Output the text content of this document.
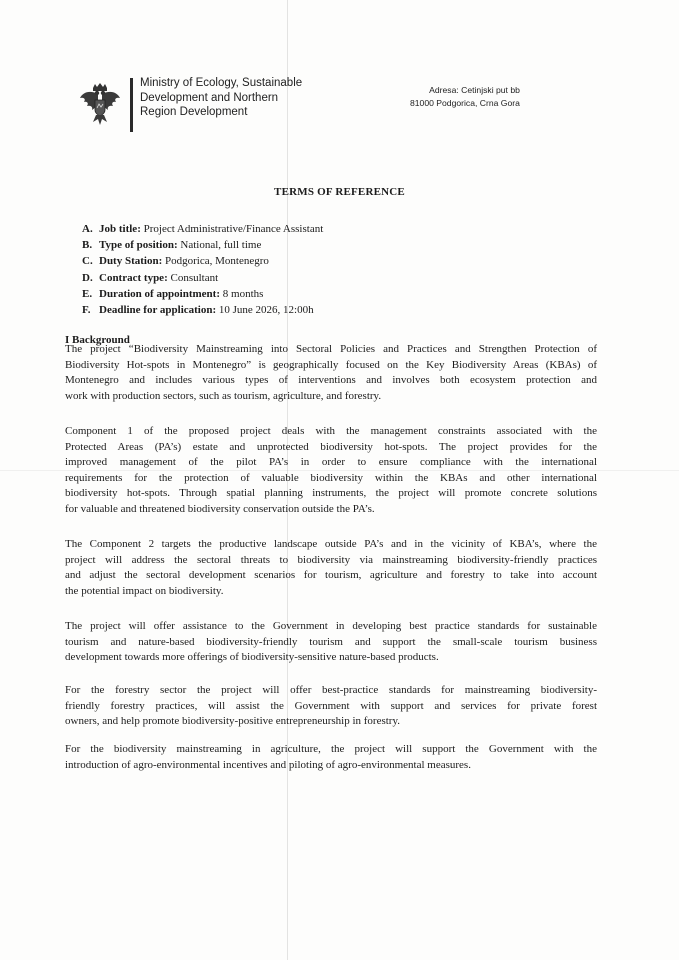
Ministry of Ecology, Sustainable
Development and Northern
Region Development
Adresa: Cetinjski put bb
81000 Podgorica, Crna Gora
TERMS OF REFERENCE
A. Job title: Project Administrative/Finance Assistant
B. Type of position: National, full time
C. Duty Station: Podgorica, Montenegro
D. Contract type: Consultant
E. Duration of appointment: 8 months
F. Deadline for application: 10 June 2026, 12:00h
I Background

The project “Biodiversity Mainstreaming into Sectoral Policies and Practices and Strengthen Protection of
Biodiversity Hot-spots in Montenegro” is geographically focused on the Key Biodiversity Areas (KBAs) of
Montenegro and includes various types of interventions and involves both ecosystem protection and
work with production sectors, such as tourism, agriculture, and forestry.

Component 1 of the proposed project deals with the management constraints associated with the
Protected Areas (PA’s) estate and unprotected biodiversity hot-spots. The project provides for the
improved management of the pilot PA’s in order to ensure compliance with the international
requirements for the protection of valuable biodiversity within the KBAs and other international
biodiversity hot-spots. Through spatial planning instruments, the project will promote concrete solutions
for valuable and threatened biodiversity conservation outside the PA’s.

The Component 2 targets the productive landscape outside PA’s and in the vicinity of KBA’s, where the
project will address the sectoral threats to biodiversity via mainstreaming biodiversity-friendly practices
and adjust the sectoral development scenarios for tourism, agriculture and forestry to take into account
the potential impact on biodiversity.

The project will offer assistance to the Government in developing best practice standards for sustainable
tourism and nature-based biodiversity-friendly tourism and support the small-scale tourism business
development towards more offerings of biodiversity-sensitive nature-based products.

For the forestry sector the project will offer best-practice standards for mainstreaming biodiversity-
friendly forestry practices, will assist the Government with support and services for private forest
owners, and help promote biodiversity-positive entrepreneurship in forestry.

For the biodiversity mainstreaming in agriculture, the project will support the Government with the
introduction of agro-environmental incentives and piloting of agro-environmental measures.
